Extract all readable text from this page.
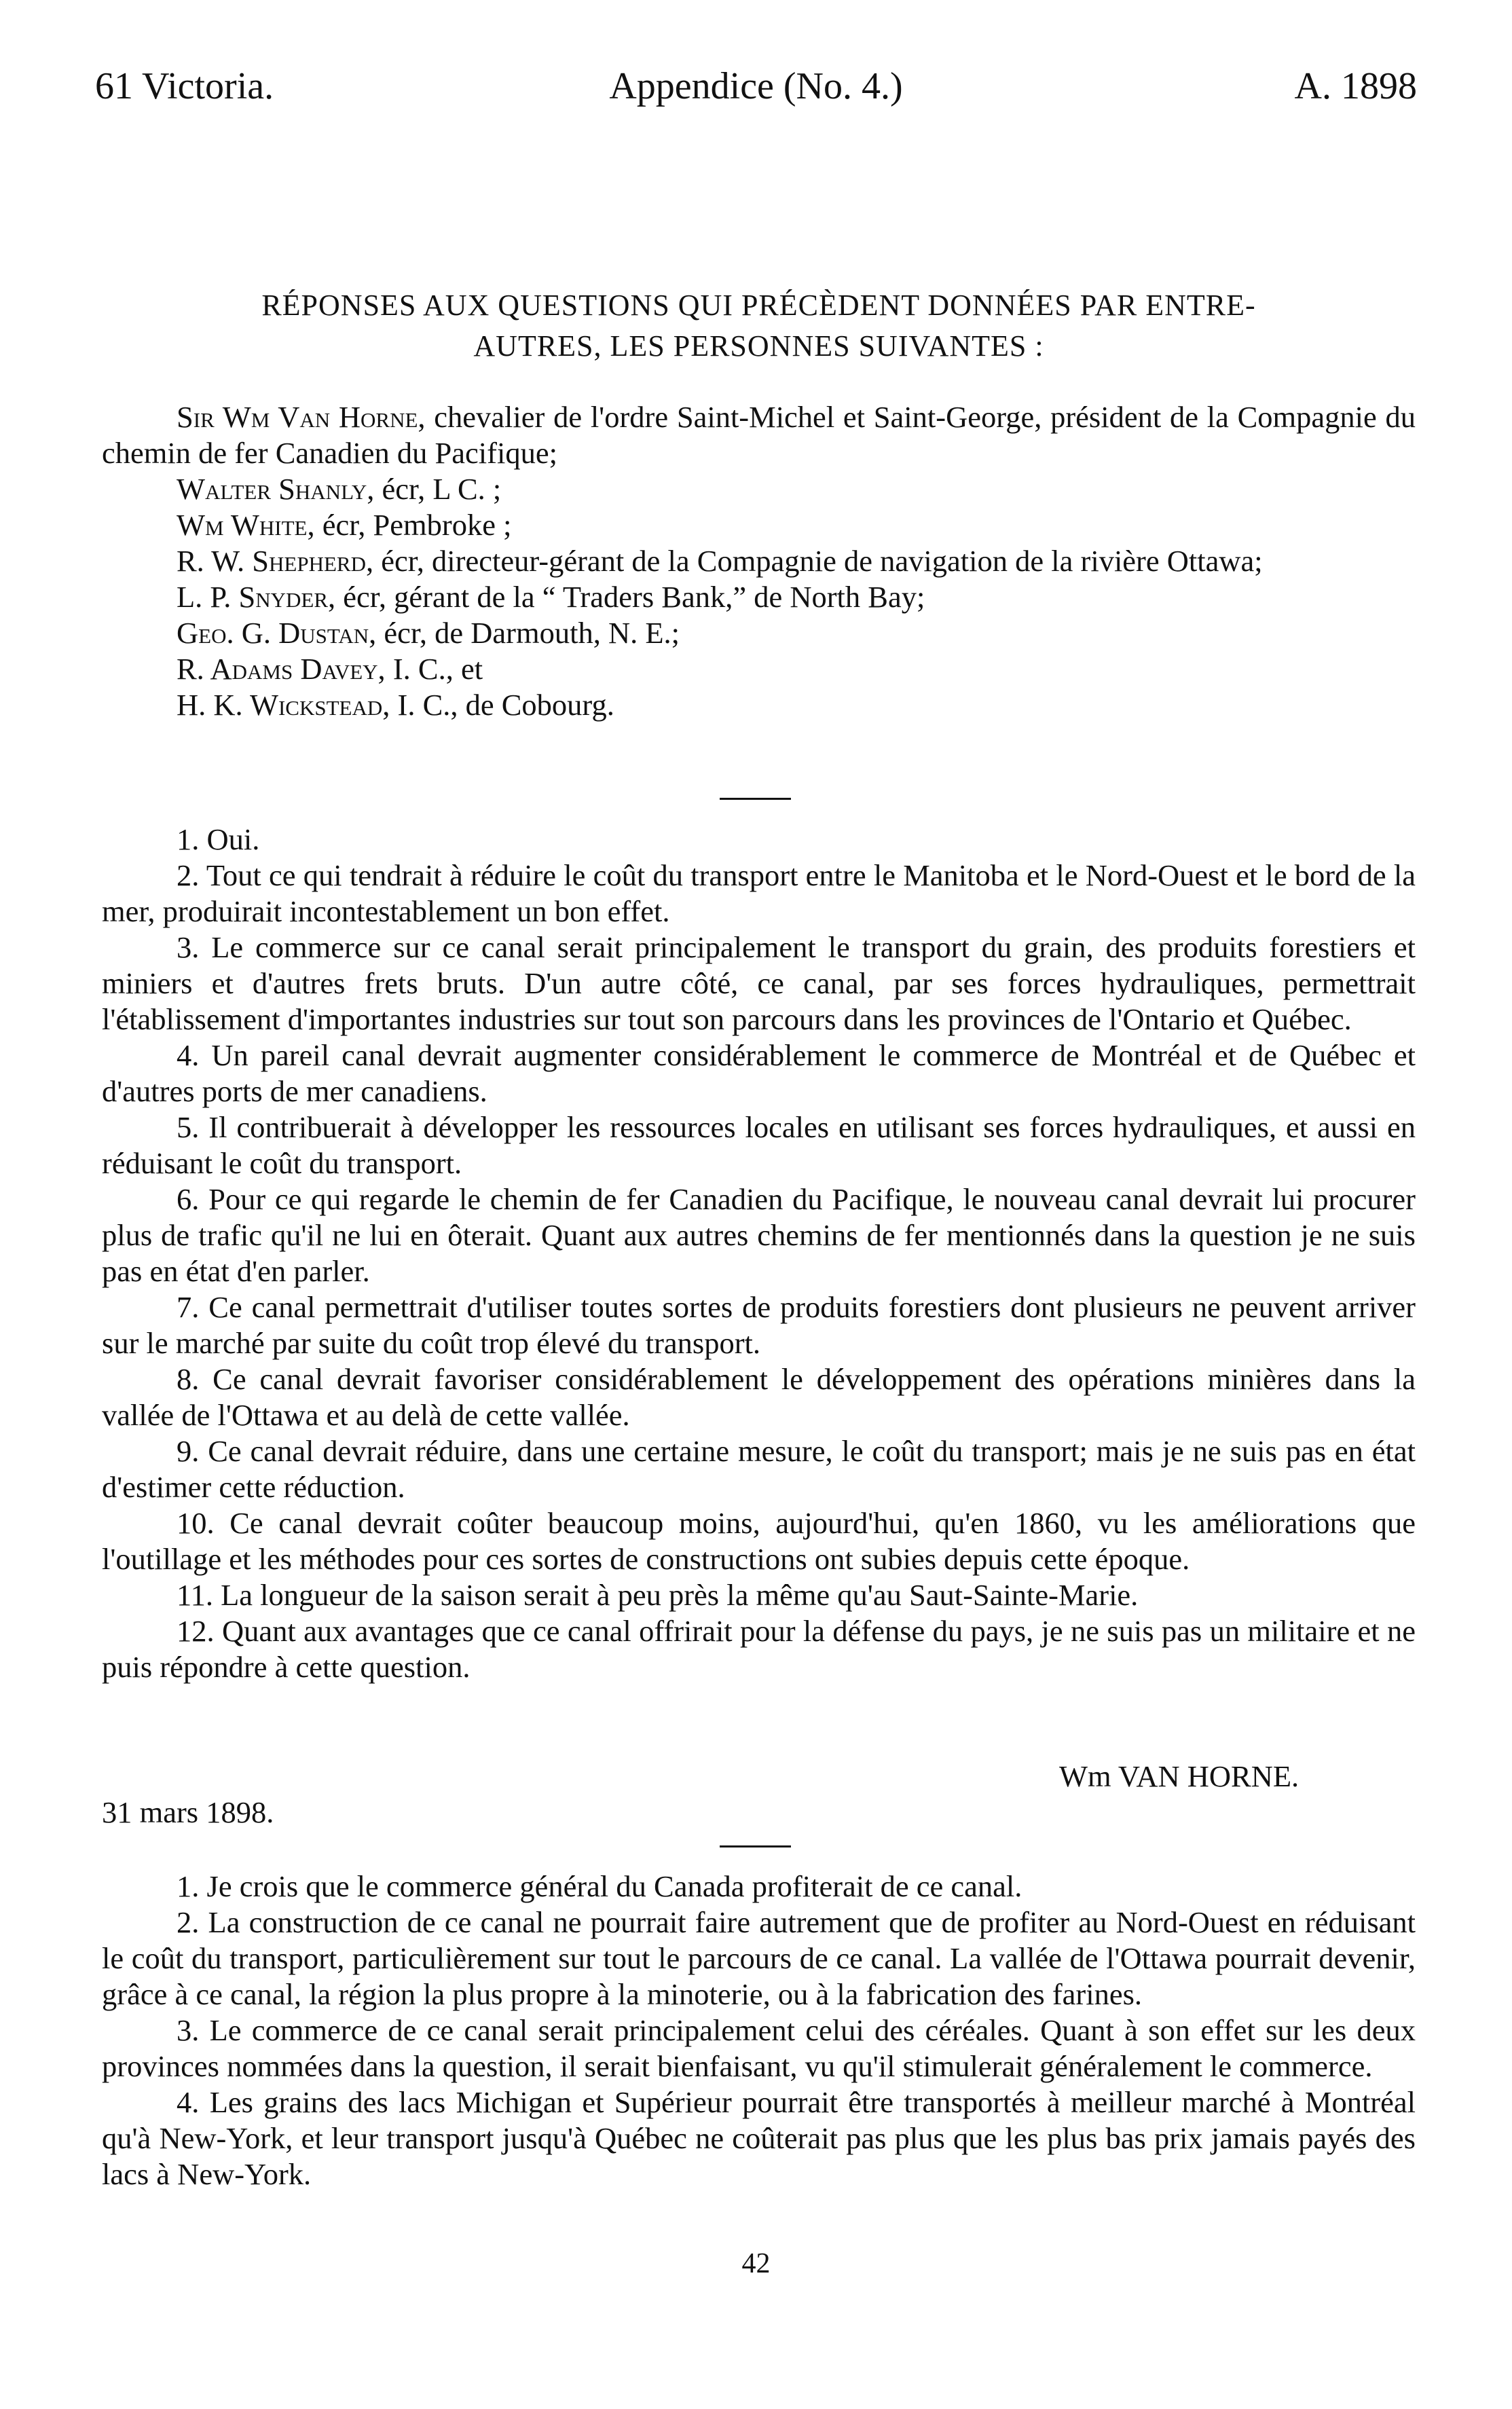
61 Victoria.	Appendice (No. 4.)	A. 1898
RÉPONSES AUX QUESTIONS QUI PRÉCÈDENT DONNÉES PAR ENTRE-
AUTRES, LES PERSONNES SUIVANTES :

Sir Wm Van Horne, chevalier de l'ordre Saint-Michel et Saint-George, président de la Compagnie du chemin de fer Canadien du Pacifique;

Walter Shanly, écr, L C. ;

Wm White, écr, Pembroke ;

R. W. Shepherd, écr, directeur-gérant de la Compagnie de navigation de la rivière Ottawa;

L. P. Snyder, écr, gérant de la “ Traders Bank,” de North Bay;

Geo. G. Dustan, écr, de Darmouth, N. E.;

R. Adams Davey, I. C., et

H. K. Wickstead, I. C., de Cobourg.

1. Oui.

2. Tout ce qui tendrait à réduire le coût du transport entre le Manitoba et le Nord-Ouest et le bord de la mer, produirait incontestablement un bon effet.

3. Le commerce sur ce canal serait principalement le transport du grain, des produits forestiers et miniers et d'autres frets bruts. D'un autre côté, ce canal, par ses forces hydrauliques, permettrait l'établissement d'importantes industries sur tout son parcours dans les provinces de l'Ontario et Québec.

4. Un pareil canal devrait augmenter considérablement le commerce de Montréal et de Québec et d'autres ports de mer canadiens.

5. Il contribuerait à développer les ressources locales en utilisant ses forces hydrauliques, et aussi en réduisant le coût du transport.

6. Pour ce qui regarde le chemin de fer Canadien du Pacifique, le nouveau canal devrait lui procurer plus de trafic qu'il ne lui en ôterait. Quant aux autres chemins de fer mentionnés dans la question je ne suis pas en état d'en parler.

7. Ce canal permettrait d'utiliser toutes sortes de produits forestiers dont plusieurs ne peuvent arriver sur le marché par suite du coût trop élevé du transport.

8. Ce canal devrait favoriser considérablement le développement des opérations minières dans la vallée de l'Ottawa et au delà de cette vallée.

9. Ce canal devrait réduire, dans une certaine mesure, le coût du transport; mais je ne suis pas en état d'estimer cette réduction.

10. Ce canal devrait coûter beaucoup moins, aujourd'hui, qu'en 1860, vu les améliorations que l'outillage et les méthodes pour ces sortes de constructions ont subies depuis cette époque.

11. La longueur de la saison serait à peu près la même qu'au Saut-Sainte-Marie.

12. Quant aux avantages que ce canal offrirait pour la défense du pays, je ne suis pas un militaire et ne puis répondre à cette question.

Wm VAN HORNE.
31 mars 1898.

1. Je crois que le commerce général du Canada profiterait de ce canal.

2. La construction de ce canal ne pourrait faire autrement que de profiter au Nord-Ouest en réduisant le coût du transport, particulièrement sur tout le parcours de ce canal. La vallée de l'Ottawa pourrait devenir, grâce à ce canal, la région la plus propre à la minoterie, ou à la fabrication des farines.

3. Le commerce de ce canal serait principalement celui des céréales. Quant à son effet sur les deux provinces nommées dans la question, il serait bienfaisant, vu qu'il stimulerait généralement le commerce.

4. Les grains des lacs Michigan et Supérieur pourrait être transportés à meilleur marché à Montréal qu'à New-York, et leur transport jusqu'à Québec ne coûterait pas plus que les plus bas prix jamais payés des lacs à New-York.

42
